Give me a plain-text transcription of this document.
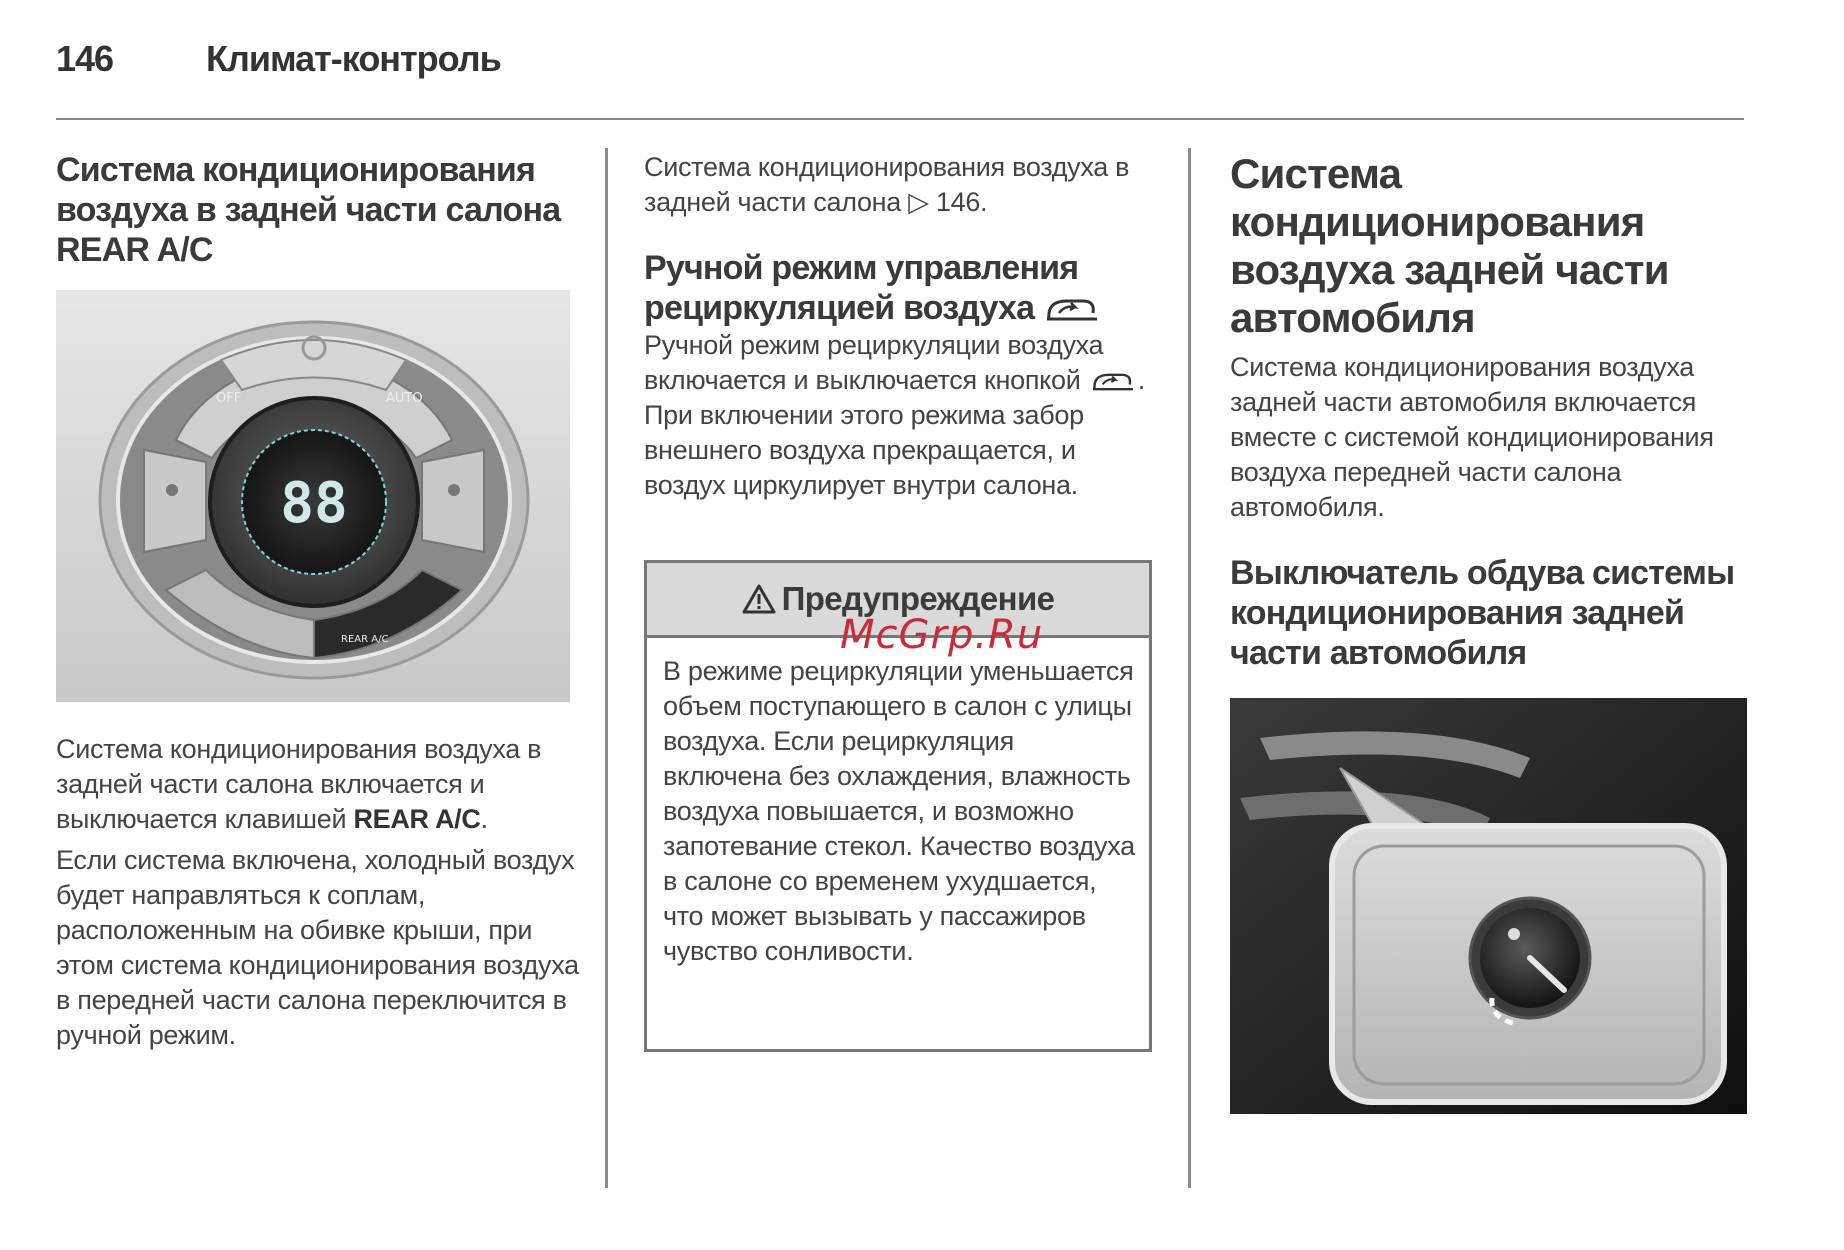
146	Климат-контроль
Система кондиционирования воздуха в задней части салона REAR A/C
88
OFF	AUTO
REAR A/C

Система кондиционирования воздуха в задней части салона включается и выключается клавишей REAR A/C.

Если система включена, холодный воздух будет направляться к соплам, расположенным на обивке крыши, при этом система кондиционирования воздуха в передней части салона переключится в ручной режим.

Система кондиционирования воздуха в задней части салона ▷ 146.

Ручной режим управления рециркуляцией воздуха

Ручной режим рециркуляции воздуха включается и выключается кнопкой . При включении этого режима забор внешнего воздуха прекращается, и воздух циркулирует внутри салона.

Предупреждение

В режиме рециркуляции уменьшается объем поступающего в салон с улицы воздуха. Если рециркуляция включена без охлаждения, влажность воздуха повышается, и возможно запотевание стекол. Качество воздуха в салоне со временем ухудшается, что может вызывать у пассажиров чувство сонливости.

McGrp.Ru
Система кондиционирования воздуха задней части автомобиля

Система кондиционирования воздуха задней части автомобиля включается вместе с системой кондиционирования воздуха передней части салона автомобиля.

Выключатель обдува системы кондиционирования задней части автомобиля
